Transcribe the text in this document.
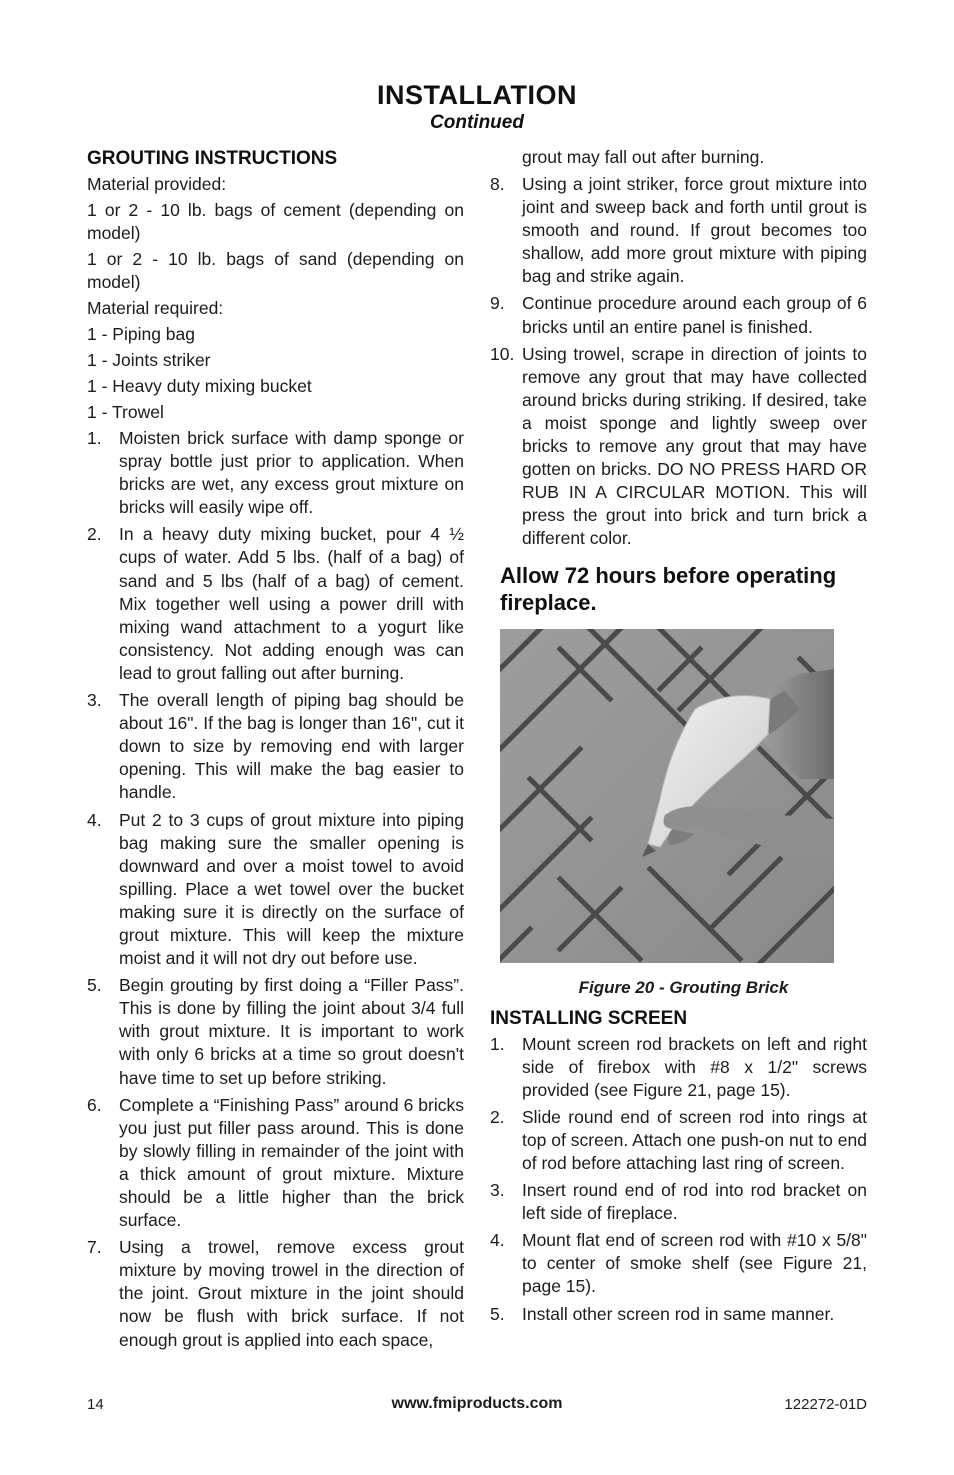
INSTALLATION
Continued
GROUTING INSTRUCTIONS

Material provided:

1 or 2 - 10 lb. bags of cement (depending on model)

1 or 2 - 10 lb. bags of sand (depending on model)

Material required:

1 - Piping bag

1 - Joints striker

1 - Heavy duty mixing bucket

1 - Trowel

1. Moisten brick surface with damp sponge or spray bottle just prior to application. When bricks are wet, any excess grout mixture on bricks will easily wipe off.
2. In a heavy duty mixing bucket, pour 4 ½ cups of water. Add 5 lbs. (half of a bag) of sand and 5 lbs (half of a bag) of cement. Mix together well using a power drill with mixing wand attachment to a yogurt like consistency. Not adding enough was can lead to grout falling out after burning.
3. The overall length of piping bag should be about 16". If the bag is longer than 16", cut it down to size by removing end with larger opening. This will make the bag easier to handle.
4. Put 2 to 3 cups of grout mixture into piping bag making sure the smaller opening is downward and over a moist towel to avoid spilling. Place a wet towel over the bucket making sure it is directly on the surface of grout mixture. This will keep the mixture moist and it will not dry out before use.
5. Begin grouting by first doing a “Filler Pass”. This is done by filling the joint about 3/4 full with grout mixture. It is important to work with only 6 bricks at a time so grout doesn't have time to set up before striking.
6. Complete a “Finishing Pass” around 6 bricks you just put filler pass around. This is done by slowly filling in remainder of the joint with a thick amount of grout mixture. Mixture should be a little higher than the brick surface.
7. Using a trowel, remove excess grout mixture by moving trowel in the direction of the joint. Grout mixture in the joint should now be flush with brick surface. If not enough grout is applied into each space,
grout may fall out after burning.
8. Using a joint striker, force grout mixture into joint and sweep back and forth until grout is smooth and round. If grout becomes too shallow, add more grout mixture with piping bag and strike again.
9. Continue procedure around each group of 6 bricks until an entire panel is finished.
10. Using trowel, scrape in direction of joints to remove any grout that may have collected around bricks during striking. If desired, take a moist sponge and lightly sweep over bricks to remove any grout that may have gotten on bricks. DO NO PRESS HARD OR RUB IN A CIRCULAR MOTION. This will press the grout into brick and turn brick a different color.
Allow 72 hours before operating fireplace.
Figure 20 - Grouting Brick
INSTALLING SCREEN
1. Mount screen rod brackets on left and right side of firebox with #8 x 1/2" screws provided (see Figure 21, page 15).
2. Slide round end of screen rod into rings at top of screen. Attach one push-on nut to end of rod before attaching last ring of screen.
3. Insert round end of rod into rod bracket on left side of fireplace.
4. Mount flat end of screen rod with #10 x 5/8" to center of smoke shelf (see Figure 21, page 15).
5. Install other screen rod in same manner.
14	www.fmiproducts.com	122272-01D
